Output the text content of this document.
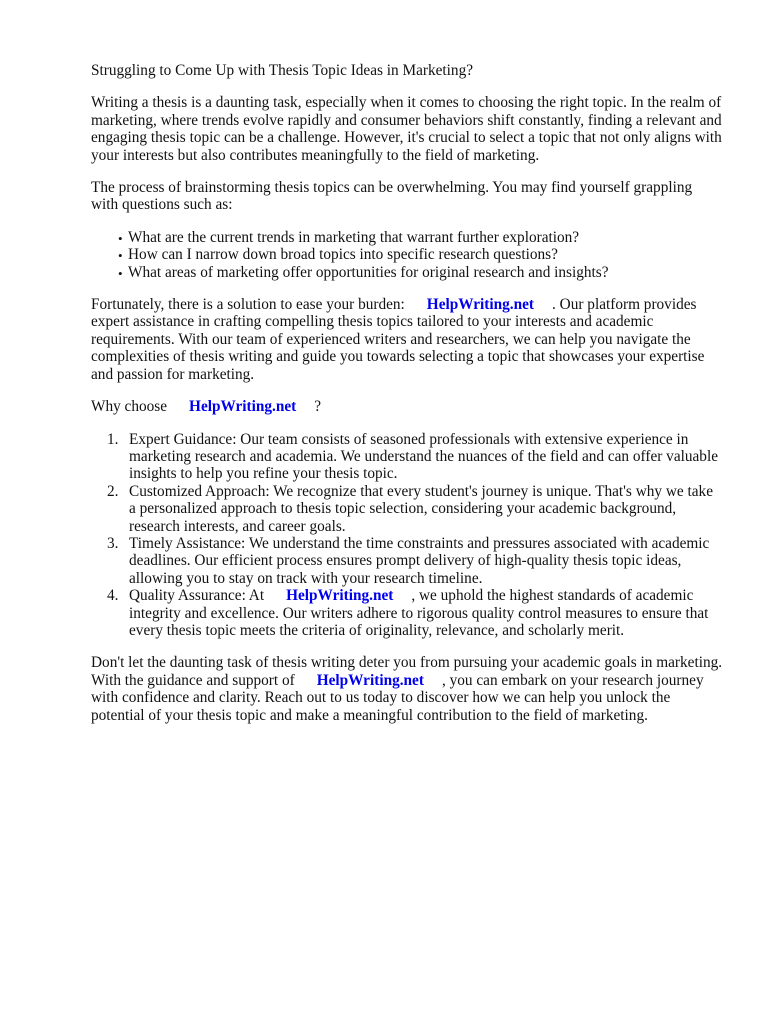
Struggling to Come Up with Thesis Topic Ideas in Marketing?

Writing a thesis is a daunting task, especially when it comes to choosing the right topic. In the realm of marketing, where trends evolve rapidly and consumer behaviors shift constantly, finding a relevant and engaging thesis topic can be a challenge. However, it's crucial to select a topic that not only aligns with your interests but also contributes meaningfully to the field of marketing.

The process of brainstorming thesis topics can be overwhelming. You may find yourself grappling with questions such as:

• What are the current trends in marketing that warrant further exploration?
• How can I narrow down broad topics into specific research questions?
• What areas of marketing offer opportunities for original research and insights?

Fortunately, there is a solution to ease your burden: HelpWriting.net . Our platform provides expert assistance in crafting compelling thesis topics tailored to your interests and academic requirements. With our team of experienced writers and researchers, we can help you navigate the complexities of thesis writing and guide you towards selecting a topic that showcases your expertise and passion for marketing.

Why choose HelpWriting.net ?

1. Expert Guidance: Our team consists of seasoned professionals with extensive experience in marketing research and academia. We understand the nuances of the field and can offer valuable insights to help you refine your thesis topic.
2. Customized Approach: We recognize that every student's journey is unique. That's why we take a personalized approach to thesis topic selection, considering your academic background, research interests, and career goals.
3. Timely Assistance: We understand the time constraints and pressures associated with academic deadlines. Our efficient process ensures prompt delivery of high-quality thesis topic ideas, allowing you to stay on track with your research timeline.
4. Quality Assurance: At HelpWriting.net , we uphold the highest standards of academic integrity and excellence. Our writers adhere to rigorous quality control measures to ensure that every thesis topic meets the criteria of originality, relevance, and scholarly merit.

Don't let the daunting task of thesis writing deter you from pursuing your academic goals in marketing. With the guidance and support of HelpWriting.net , you can embark on your research journey with confidence and clarity. Reach out to us today to discover how we can help you unlock the potential of your thesis topic and make a meaningful contribution to the field of marketing.
